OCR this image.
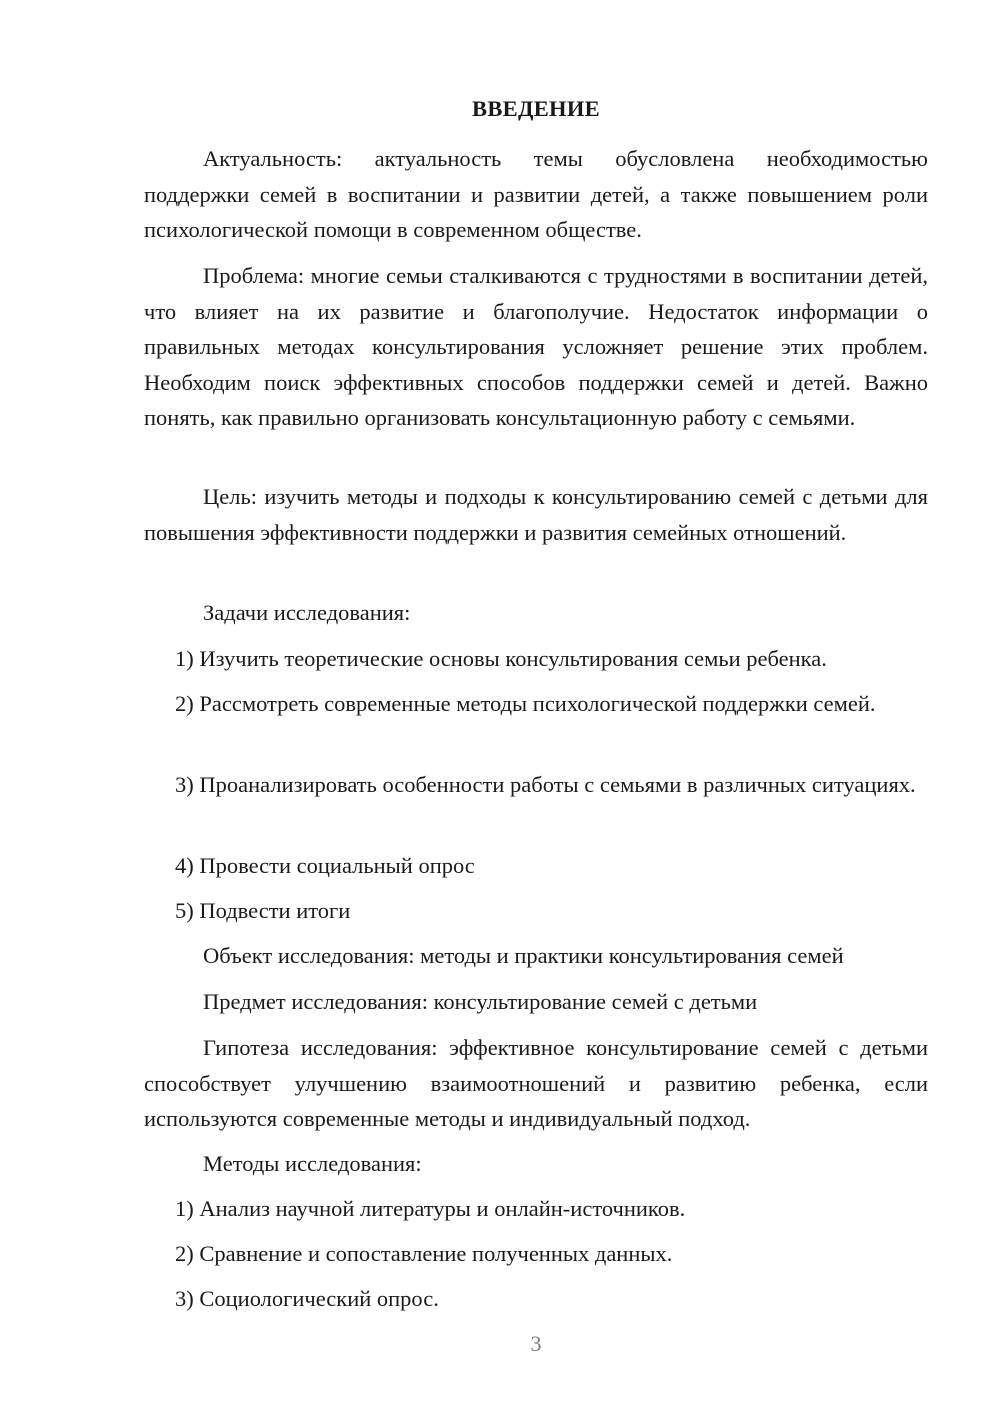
ВВЕДЕНИЕ

Актуальность: актуальность темы обусловлена необходимостью поддержки семей в воспитании и развитии детей, а также повышением роли психологической помощи в современном обществе.

Проблема: многие семьи сталкиваются с трудностями в воспитании детей, что влияет на их развитие и благополучие. Недостаток информации о правильных методах консультирования усложняет решение этих проблем. Необходим поиск эффективных способов поддержки семей и детей. Важно понять, как правильно организовать консультационную работу с семьями.

Цель: изучить методы и подходы к консультированию семей с детьми для повышения эффективности поддержки и развития семейных отношений.

Задачи исследования:

1) Изучить теоретические основы консультирования семьи ребенка.

2) Рассмотреть современные методы психологической поддержки семей.

3) Проанализировать особенности работы с семьями в различных ситуациях.

4) Провести социальный опрос

5) Подвести итоги

Объект исследования: методы и практики консультирования семей

Предмет исследования: консультирование семей с детьми

Гипотеза исследования: эффективное консультирование семей с детьми способствует улучшению взаимоотношений и развитию ребенка, если используются современные методы и индивидуальный подход.

Методы исследования:

1) Анализ научной литературы и онлайн-источников.

2) Сравнение и сопоставление полученных данных.

3) Социологический опрос.

3
